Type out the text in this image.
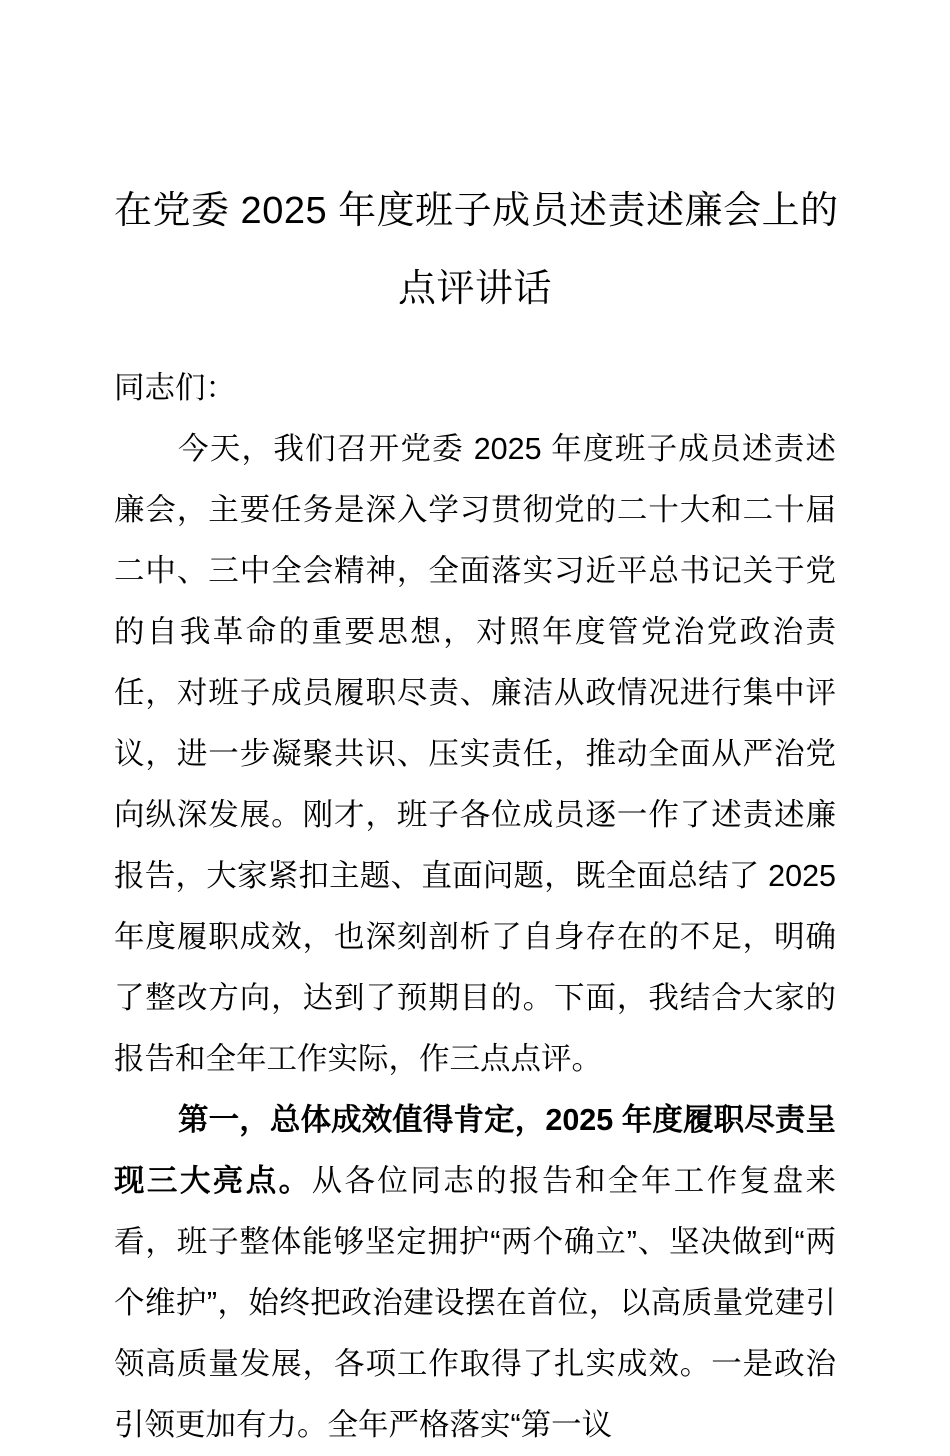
在党委 2025 年度班子成员述责述廉会上的
点评讲话

同志们：

今天，我们召开党委 2025 年度班子成员述责述廉会，主要任务是深入学习贯彻党的二十大和二十届二中、三中全会精神，全面落实习近平总书记关于党的自我革命的重要思想，对照年度管党治党政治责任，对班子成员履职尽责、廉洁从政情况进行集中评议，进一步凝聚共识、压实责任，推动全面从严治党向纵深发展。刚才，班子各位成员逐一作了述责述廉报告，大家紧扣主题、直面问题，既全面总结了 2025 年度履职成效，也深刻剖析了自身存在的不足，明确了整改方向，达到了预期目的。下面，我结合大家的报告和全年工作实际，作三点点评。

第一，总体成效值得肯定，2025 年度履职尽责呈现三大亮点。从各位同志的报告和全年工作复盘来看，班子整体能够坚定拥护“两个确立”、坚决做到“两个维护”，始终把政治建设摆在首位，以高质量党建引领高质量发展，各项工作取得了扎实成效。一是政治引领更加有力。全年严格落实“第一议
